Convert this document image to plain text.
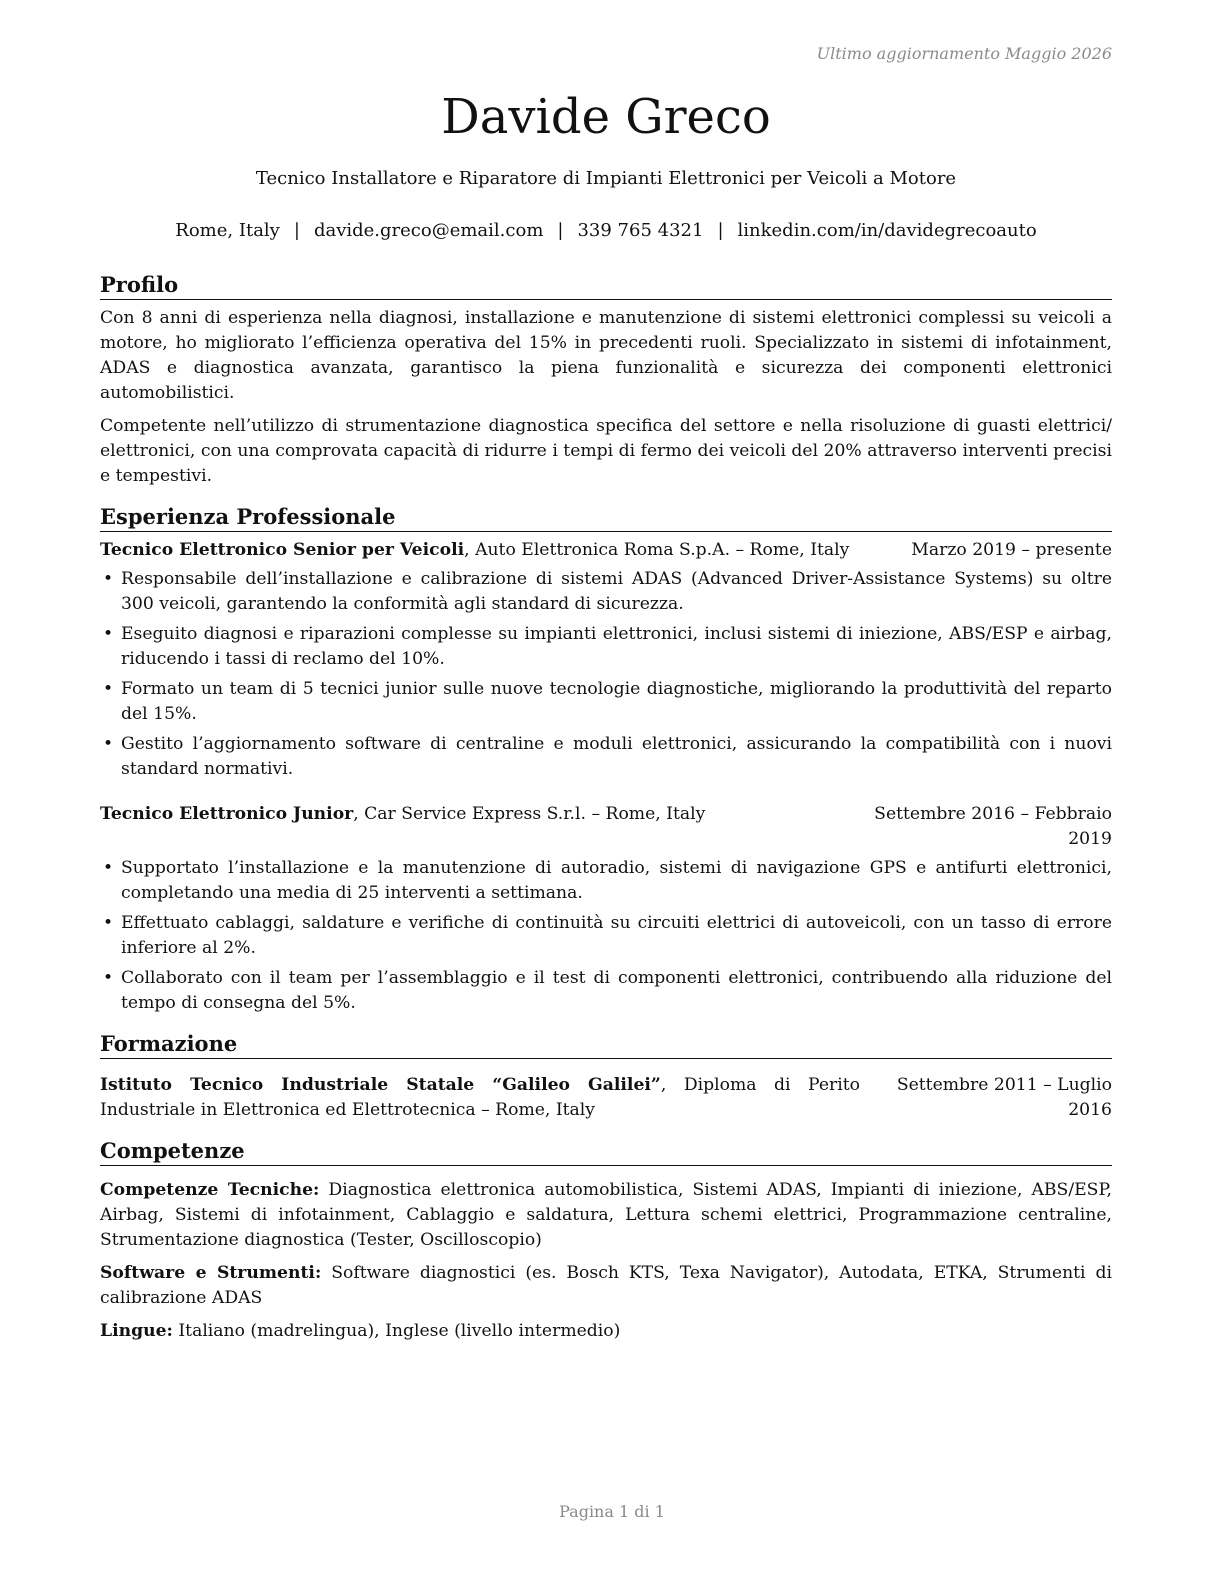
Ultimo aggiornamento Maggio 2026
Davide Greco
Tecnico Installatore e Riparatore di Impianti Elettronici per Veicoli a Motore
Rome, Italy | davide.greco@email.com | 339 765 4321 | linkedin.com/in/davidegrecoauto
Profilo

Con 8 anni di esperienza nella diagnosi, installazione e manutenzione di sistemi elettronici complessi su veicoli a motore, ho migliorato l’efficienza operativa del 15% in precedenti ruoli. Specializzato in sistemi di infotainment, ADAS e diagnostica avanzata, garantisco la piena funzionalità e sicurezza dei componenti elettronici automobilistici.

Competente nell’utilizzo di strumentazione diagnostica specifica del settore e nella risoluzione di guasti elettrici/ elettronici, con una comprovata capacità di ridurre i tempi di fermo dei veicoli del 20% attraverso interventi precisi e tempestivi.

Esperienza Professionale
Tecnico Elettronico Senior per Veicoli, Auto Elettronica Roma S.p.A. – Rome, Italy	Marzo 2019 – presente
• Responsabile dell’installazione e calibrazione di sistemi ADAS (Advanced Driver-Assistance Systems) su oltre 300 veicoli, garantendo la conformità agli standard di sicurezza.
• Eseguito diagnosi e riparazioni complesse su impianti elettronici, inclusi sistemi di iniezione, ABS/ESP e airbag, riducendo i tassi di reclamo del 10%.
• Formato un team di 5 tecnici junior sulle nuove tecnologie diagnostiche, migliorando la produttività del reparto del 15%.
• Gestito l’aggiornamento software di centraline e moduli elettronici, assicurando la compatibilità con i nuovi standard normativi.
Tecnico Elettronico Junior, Car Service Express S.r.l. – Rome, Italy	Settembre 2016 – Febbraio 2019
• Supportato l’installazione e la manutenzione di autoradio, sistemi di navigazione GPS e antifurti elettronici, completando una media di 25 interventi a settimana.
• Effettuato cablaggi, saldature e verifiche di continuità su circuiti elettrici di autoveicoli, con un tasso di errore inferiore al 2%.
• Collaborato con il team per l’assemblaggio e il test di componenti elettronici, contribuendo alla riduzione del tempo di consegna del 5%.
Formazione
Istituto Tecnico Industriale Statale “Galileo Galilei”, Diploma di Perito Industriale in Elettronica ed Elettrotecnica – Rome, Italy
Settembre 2011 – Luglio 2016
Competenze
Competenze Tecniche: Diagnostica elettronica automobilistica, Sistemi ADAS, Impianti di iniezione, ABS/ESP, Airbag, Sistemi di infotainment, Cablaggio e saldatura, Lettura schemi elettrici, Programmazione centraline, Strumentazione diagnostica (Tester, Oscilloscopio)
Software e Strumenti: Software diagnostici (es. Bosch KTS, Texa Navigator), Autodata, ETKA, Strumenti di calibrazione ADAS
Lingue: Italiano (madrelingua), Inglese (livello intermedio)
Pagina 1 di 1
